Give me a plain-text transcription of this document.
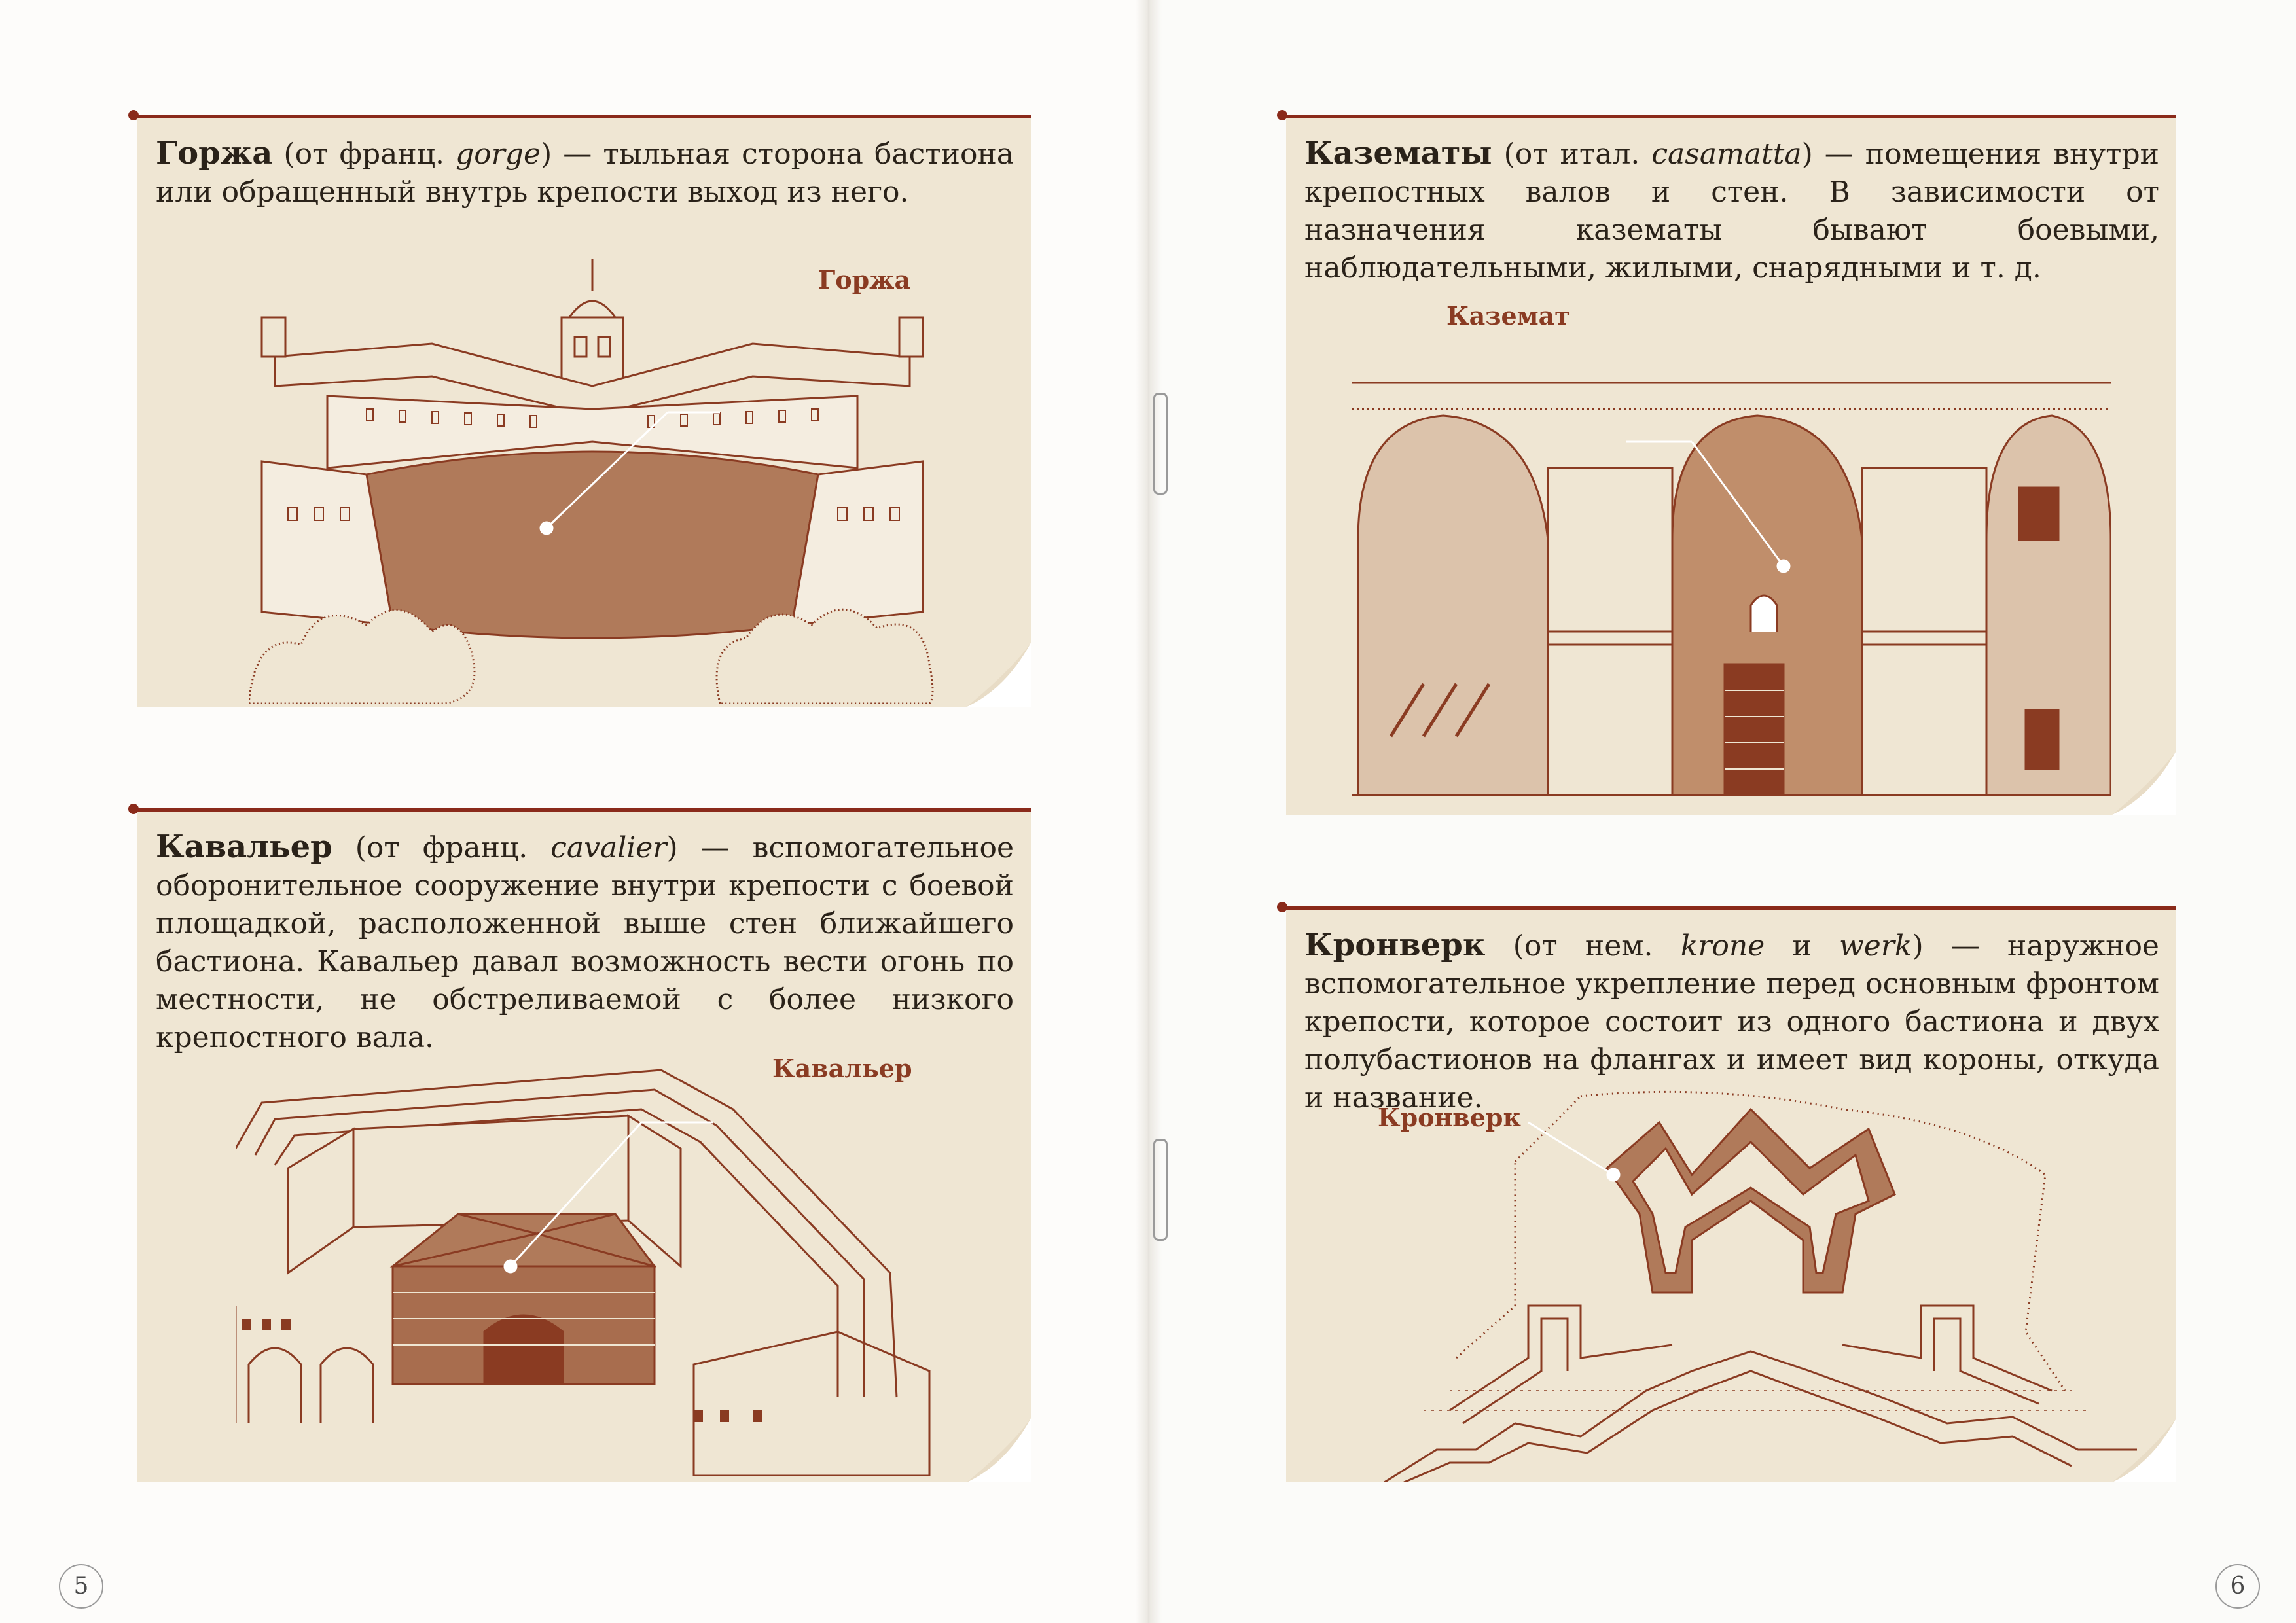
Горжа (от франц. gorge) — тыльная сторона бастиона или обращенный внутрь крепости выход из него.
Горжа
Кавальер (от франц. cavalier) — вспомогательное оборонительное сооружение внутри крепости с боевой площадкой, расположенной выше стен ближайшего бастиона. Кавальер давал возможность вести огонь по местности, не обстреливаемой с более низкого крепостного вала.
Кавальер
Казематы (от итал. casamatta) — помещения внутри крепостных валов и стен. В зависимости от назначения казематы бывают боевыми, наблюдательными, жилыми, снарядными и т. д.
Каземат
Кронверк (от нем. krone и werk) — наружное вспомогательное укрепление перед основным фронтом крепости, которое состоит из одного бастиона и двух полубастионов на флангах и имеет вид короны, откуда и название.
Кронверк
5	6
